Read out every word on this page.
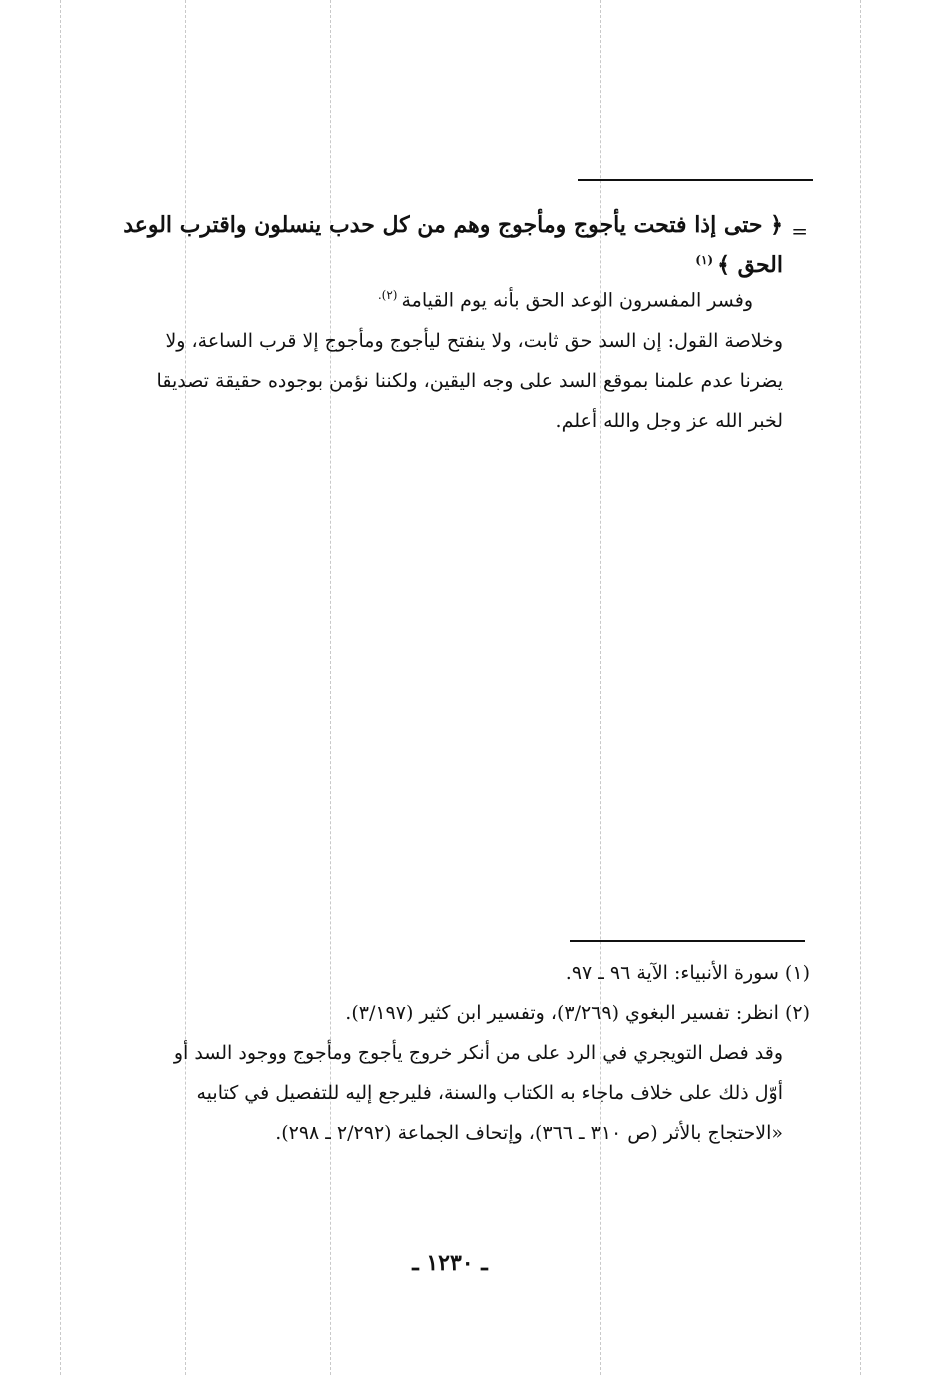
=
﴿ حتى إذا فتحت يأجوج ومأجوج وهم من كل حدب ينسلون واقترب الوعد
الحق ﴾$^{(١)}$
وفسر المفسرون الوعد الحق بأنه يوم القيامة$^{(٢).}$
وخلاصة القول: إن السد حق ثابت، ولا ينفتح ليأجوج ومأجوج إلا قرب الساعة، ولا
يضرنا عدم علمنا بموقع السد على وجه اليقين، ولكننا نؤمن بوجوده حقيقة تصديقا
لخبر الله عز وجل والله أعلم.
(١) سورة الأنبياء: الآية ٩٦ ـ ٩٧.
(٢) انظر: تفسير البغوي (٣/٢٦٩)، وتفسير ابن كثير (٣/١٩٧).
وقد فصل التويجري في الرد على من أنكر خروج يأجوج ومأجوج ووجود السد أو
أوّل ذلك على خلاف ماجاء به الكتاب والسنة، فليرجع إليه للتفصيل في كتابيه
«الاحتجاج بالأثر (ص ٣١٠ ـ ٣٦٦)، وإتحاف الجماعة (٢/٢٩٢ ـ ٢٩٨).
ـ ١٢٣٠ ـ
